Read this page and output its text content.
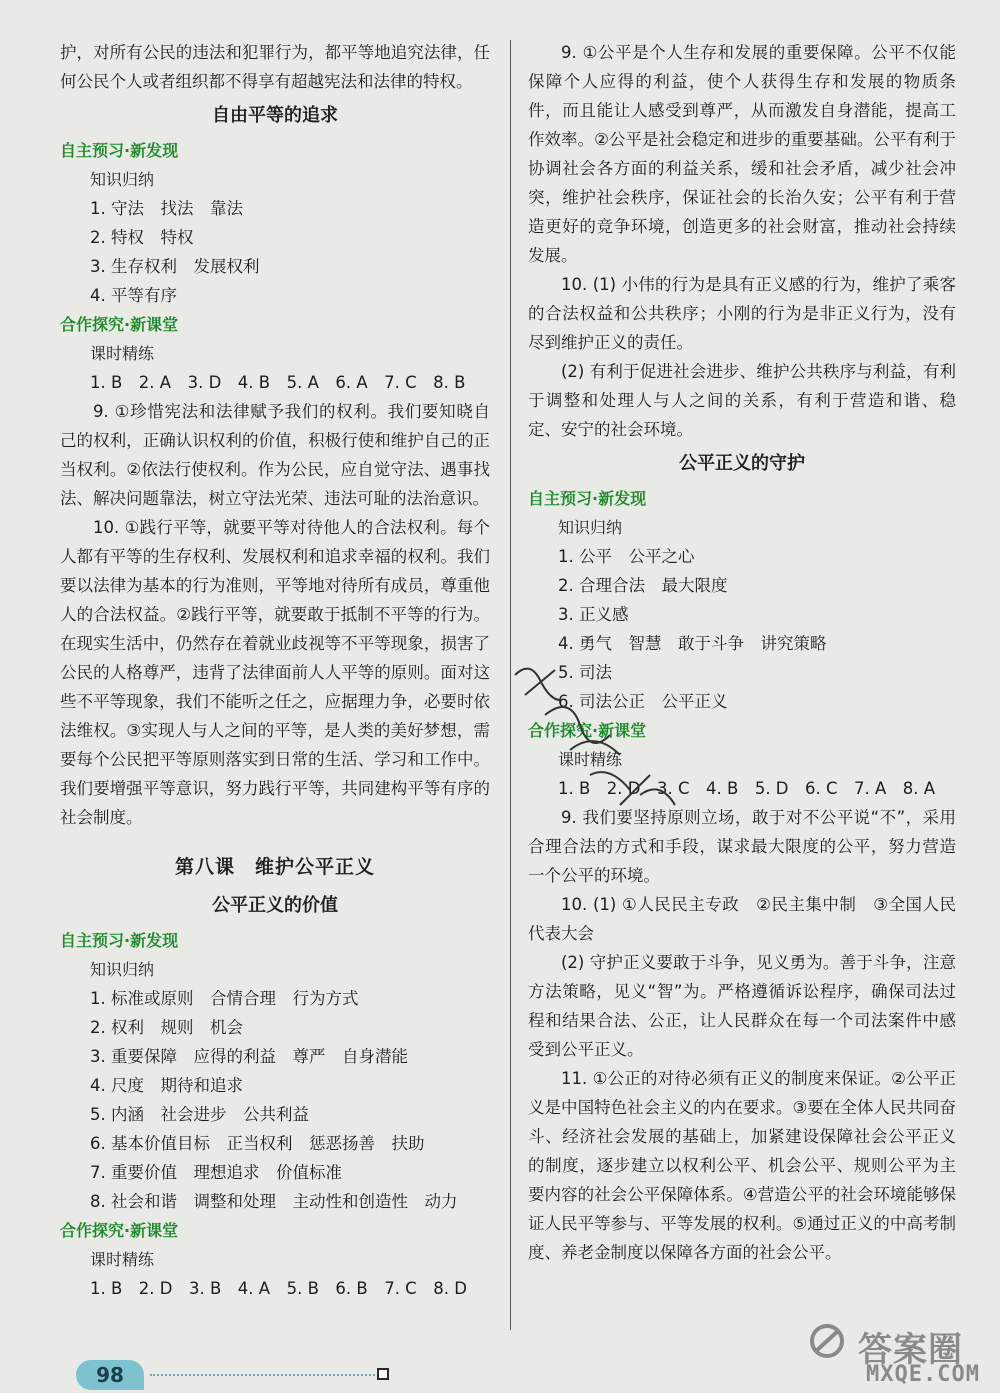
护，对所有公民的违法和犯罪行为，都平等地追究法律，任何公民个人或者组织都不得享有超越宪法和法律的特权。

自由平等的追求

自主预习·新发现

知识归纳

1. 守法　找法　靠法

2. 特权　特权

3. 生存权利　发展权利

4. 平等有序

合作探究·新课堂

课时精练

1. B　2. A　3. D　4. B　5. A　6. A　7. C　8. B

9. ①珍惜宪法和法律赋予我们的权利。我们要知晓自己的权利，正确认识权利的价值，积极行使和维护自己的正当权利。②依法行使权利。作为公民，应自觉守法、遇事找法、解决问题靠法，树立守法光荣、违法可耻的法治意识。

10. ①践行平等，就要平等对待他人的合法权利。每个人都有平等的生存权利、发展权利和追求幸福的权利。我们要以法律为基本的行为准则，平等地对待所有成员，尊重他人的合法权益。②践行平等，就要敢于抵制不平等的行为。在现实生活中，仍然存在着就业歧视等不平等现象，损害了公民的人格尊严，违背了法律面前人人平等的原则。面对这些不平等现象，我们不能听之任之，应据理力争，必要时依法维权。③实现人与人之间的平等，是人类的美好梦想，需要每个公民把平等原则落实到日常的生活、学习和工作中。我们要增强平等意识，努力践行平等，共同建构平等有序的社会制度。

第八课　维护公平正义
公平正义的价值

自主预习·新发现

知识归纳

1. 标准或原则　合情合理　行为方式

2. 权利　规则　机会

3. 重要保障　应得的利益　尊严　自身潜能

4. 尺度　期待和追求

5. 内涵　社会进步　公共利益

6. 基本价值目标　正当权利　惩恶扬善　扶助

7. 重要价值　理想追求　价值标准

8. 社会和谐　调整和处理　主动性和创造性　动力

合作探究·新课堂

课时精练

1. B　2. D　3. B　4. A　5. B　6. B　7. C　8. D

9. ①公平是个人生存和发展的重要保障。公平不仅能保障个人应得的利益，使个人获得生存和发展的物质条件，而且能让人感受到尊严，从而激发自身潜能，提高工作效率。②公平是社会稳定和进步的重要基础。公平有利于协调社会各方面的利益关系，缓和社会矛盾，减少社会冲突，维护社会秩序，保证社会的长治久安；公平有利于营造更好的竞争环境，创造更多的社会财富，推动社会持续发展。

10. (1) 小伟的行为是具有正义感的行为，维护了乘客的合法权益和公共秩序；小刚的行为是非正义行为，没有尽到维护正义的责任。

(2) 有利于促进社会进步、维护公共秩序与利益，有利于调整和处理人与人之间的关系，有利于营造和谐、稳定、安宁的社会环境。

公平正义的守护

自主预习·新发现

知识归纳

1. 公平　公平之心

2. 合理合法　最大限度

3. 正义感

4. 勇气　智慧　敢于斗争　讲究策略

5. 司法

6. 司法公正　公平正义

合作探究·新课堂

课时精练

1. B　2. D　3. C　4. B　5. D　6. C　7. A　8. A

9. 我们要坚持原则立场，敢于对不公平说“不”，采用合理合法的方式和手段，谋求最大限度的公平，努力营造一个公平的环境。

10. (1) ①人民民主专政　②民主集中制　③全国人民代表大会

(2) 守护正义要敢于斗争，见义勇为。善于斗争，注意方法策略，见义“智”为。严格遵循诉讼程序，确保司法过程和结果合法、公正，让人民群众在每一个司法案件中感受到公平正义。

11. ①公正的对待必须有正义的制度来保证。②公平正义是中国特色社会主义的内在要求。③要在全体人民共同奋斗、经济社会发展的基础上，加紧建设保障社会公平正义的制度，逐步建立以权利公平、机会公平、规则公平为主要内容的社会公平保障体系。④营造公平的社会环境能够保证人民平等参与、平等发展的权利。⑤通过正义的中高考制度、养老金制度以保障各方面的社会公平。

98
答案圈
MXQE.COM
